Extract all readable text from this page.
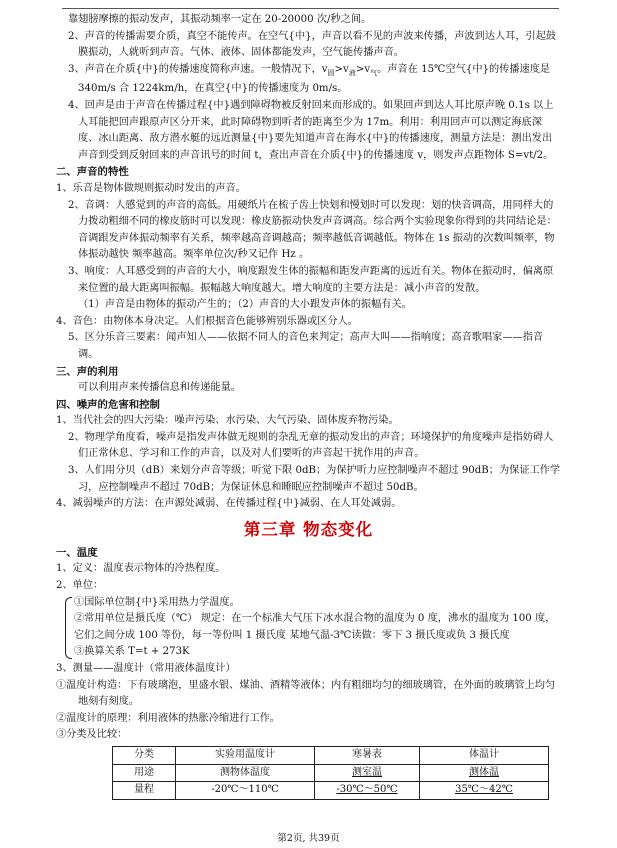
靠翅膀摩擦的振动发声，其振动频率一定在 20-20000 次/秒之间。

2、声音的传播需要介质，真空不能传声。在空气{中}，声音以看不见的声波来传播，声波到达人耳，引起鼓膜振动，人就听到声音。气体、液体、固体都能发声，空气能传播声音。

3、声音在介质{中}的传播速度简称声速。一般情况下，$v_固>v_液>v_气$。声音在 15℃空气{中}的传播速度是 340m/s 合 1224km/h，在真空{中}的传播速度为 0m/s。

4、回声是由于声音在传播过程{中}遇到障碍物被反射回来而形成的。如果回声到达人耳比原声晚 0.1s 以上人耳能把回声跟原声区分开来，此时障碍物到听者的距离至少为 17m。利用：利用回声可以测定海底深度、冰山距离、敌方潜水艇的远近测量{中}要先知道声音在海水{中}的传播速度，测量方法是：测出发出声音到受到反射回来的声音讯号的时间 t，查出声音在介质{中}的传播速度 v，则发声点距物体 S=vt/2。

二、声音的特性

1、乐音是物体做规则振动时发出的声音。

2、音调：人感觉到的声音的高低。用硬纸片在梳子齿上快划和慢划时可以发现：划的快音调高，用同样大的力拨动粗细不同的橡皮筋时可以发现：橡皮筋振动快发声音调高。综合两个实验现象你得到的共同结论是：音调跟发声体振动频率有关系，频率越高音调越高；频率越低音调越低。物体在 1s 振动的次数叫频率，物体振动越快 频率越高。频率单位次/秒又记作 Hz 。

3、响度：人耳感受到的声音的大小，响度跟发生体的振幅和距发声距离的远近有关。物体在振动时，偏离原来位置的最大距离叫振幅。振幅越大响度越大。增大响度的主要方法是：减小声音的发散。

（1）声音是由物体的振动产生的；（2）声音的大小跟发声体的振幅有关。

4、音色：由物体本身决定。人们根据音色能够辨别乐器或区分人。

5、区分乐音三要素：闻声知人——依据不同人的音色来判定；高声大叫——指响度；高音歌唱家——指音调。

三、声的利用

可以利用声来传播信息和传递能量。

四、噪声的危害和控制

1、当代社会的四大污染：噪声污染、水污染、大气污染、固体废弃物污染。

2、物理学角度看，噪声是指发声体做无规则的杂乱无章的振动发出的声音；环境保护的角度噪声是指妨碍人们正常休息、学习和工作的声音，以及对人们要听的声音起干扰作用的声音。

3、人们用分贝（dB）来划分声音等级；听觉下限 0dB；为保护听力应控制噪声不超过 90dB；为保证工作学习，应控制噪声不超过 70dB；为保证休息和睡眠应控制噪声不超过 50dB。

4、减弱噪声的方法：在声源处减弱、在传播过程{中}减弱、在人耳处减弱。

第三章 物态变化

一、温度

1、定义：温度表示物体的冷热程度。

2、单位：

①国际单位制{中}采用热力学温度。

②常用单位是摄氏度（℃） 规定：在一个标准大气压下冰水混合物的温度为 0 度，沸水的温度为 100 度，它们之间分成 100 等份，每一等份叫 1 摄氏度 某地气温-3℃读做：零下 3 摄氏度或负 3 摄氏度

③换算关系 T=t + 273K

3、测量——温度计（常用液体温度计）

①温度计构造：下有玻璃泡，里盛水银、煤油、酒精等液体；内有粗细均匀的细玻璃管，在外面的玻璃管上均匀地刻有刻度。

②温度计的原理：利用液体的热胀冷缩进行工作。

③分类及比较：

分类	实验用温度计	寒暑表	体温计
用途	测物体温度	测室温	测体温
量程	-20℃～110℃	-30℃～50℃	35℃～42℃
第2页, 共39页
